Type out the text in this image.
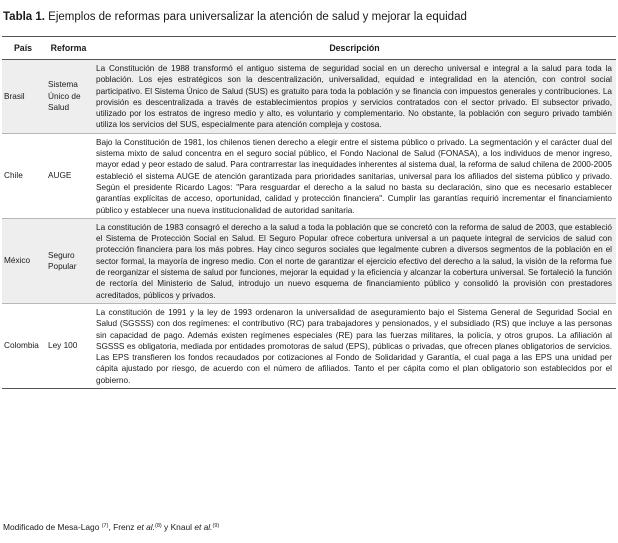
Tabla 1. Ejemplos de reformas para universalizar la atención de salud y mejorar la equidad
País	Reforma	Descripción
Brasil	Sistema Único de Salud	La Constitución de 1988 transformó el antiguo sistema de seguridad social en un derecho universal e integral a la salud para toda la población. Los ejes estratégicos son la descentralización, universalidad, equidad e integralidad en la atención, con control social participativo. El Sistema Único de Salud (SUS) es gratuito para toda la población y se financia con impuestos generales y contribuciones. La provisión es descentralizada a través de establecimientos propios y servicios contratados con el sector privado. El subsector privado, utilizado por los estratos de ingreso medio y alto, es voluntario y complementario. No obstante, la población con seguro privado también utiliza los servicios del SUS, especialmente para atención compleja y costosa.
Chile	AUGE	Bajo la Constitución de 1981, los chilenos tienen derecho a elegir entre el sistema público o privado. La segmentación y el carácter dual del sistema mixto de salud concentra en el seguro social público, el Fondo Nacional de Salud (FONASA), a los individuos de menor ingreso, mayor edad y peor estado de salud. Para contrarrestar las inequidades inherentes al sistema dual, la reforma de salud chilena de 2000-2005 estableció el sistema AUGE de atención garantizada para prioridades sanitarias, universal para los afiliados del sistema público y privado. Según el presidente Ricardo Lagos: "Para resguardar el derecho a la salud no basta su declaración, sino que es necesario establecer garantías explícitas de acceso, oportunidad, calidad y protección financiera". Cumplir las garantías requirió incrementar el financiamiento público y establecer una nueva institucionalidad de autoridad sanitaria.
México	Seguro Popular	La constitución de 1983 consagró el derecho a la salud a toda la población que se concretó con la reforma de salud de 2003, que estableció el Sistema de Protección Social en Salud. El Seguro Popular ofrece cobertura universal a un paquete integral de servicios de salud con protección financiera para los más pobres. Hay cinco seguros sociales que legalmente cubren a diversos segmentos de la población en el sector formal, la mayoría de ingreso medio. Con el norte de garantizar el ejercicio efectivo del derecho a la salud, la visión de la reforma fue de reorganizar el sistema de salud por funciones, mejorar la equidad y la eficiencia y alcanzar la cobertura universal. Se fortaleció la función de rectoría del Ministerio de Salud, introdujo un nuevo esquema de financiamiento público y consolidó la provisión con prestadores acreditados, públicos y privados.
Colombia	Ley 100	La constitución de 1991 y la ley de 1993 ordenaron la universalidad de aseguramiento bajo el Sistema General de Seguridad Social en Salud (SGSSS) con dos regímenes: el contributivo (RC) para trabajadores y pensionados, y el subsidiado (RS) que incluye a las personas sin capacidad de pago. Además existen regímenes especiales (RE) para las fuerzas militares, la policía, y otros grupos. La afiliación al SGSSS es obligatoria, mediada por entidades promotoras de salud (EPS), públicas o privadas, que ofrecen planes obligatorios de servicios. Las EPS transfieren los fondos recaudados por cotizaciones al Fondo de Solidaridad y Garantía, el cual paga a las EPS una unidad per cápita ajustado por riesgo, de acuerdo con el número de afiliados. Tanto el per cápita como el plan obligatorio son establecidos por el gobierno.
Modificado de Mesa-Lago $^{(7)}$, Frenz et al.$^{(8)}$ y Knaul et al.$^{(9)}$
